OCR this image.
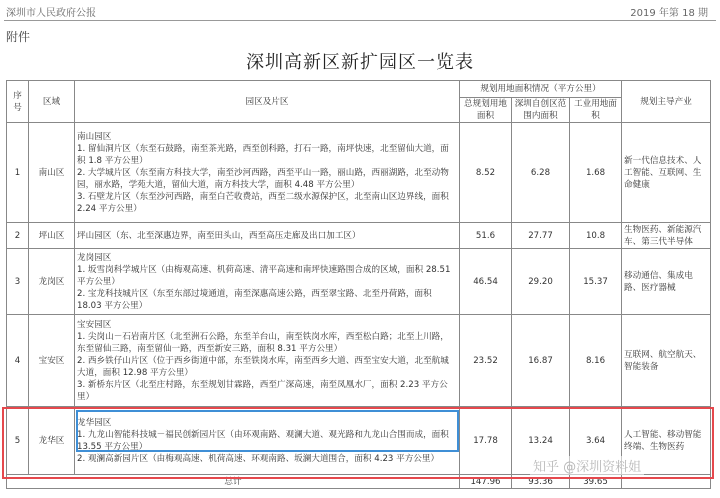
深圳市人民政府公报	2019 年第 18 期
附件
深圳高新区新扩园区一览表
序号	区域	园区及片区	规划用地面积情况（平方公里）			规划主导产业
			总规划用地面积	深圳自创区范围内面积	工业用地面积	
1	南山区	南山园区
1. 留仙洞片区（东至石鼓路，南至茶光路，西至创科路，打石一路，南坪快速，北至留仙大道，面积 1.8 平方公里）
2. 大学城片区（东至南方科技大学，南至沙河西路，西至平山一路，丽山路，西丽湖路，北至动物园，丽水路，学苑大道，留仙大道，南方科技大学，面积 4.48 平方公里）
3. 石壁龙片区（东至沙河西路，南至白芒收费站，西至二级水源保护区，北至南山区边界线，面积 2.24 平方公里）	8.52	6.28	1.68	新一代信息技术、人工智能、互联网、生命健康
2	坪山区	坪山园区（东、北至深惠边界，南至田头山，西至高压走廊及出口加工区）	51.6	27.77	10.8	生物医药、新能源汽车、第三代半导体
3	龙岗区	龙岗园区
1. 坂雪岗科学城片区（由梅观高速、机荷高速、清平高速和南坪快速路围合成的区域，面积 28.51 平方公里）
2. 宝龙科技城片区（东至东部过境通道，南至深惠高速公路，西至翠宝路、北至丹荷路，面积 18.03 平方公里）	46.54	29.20	15.37	移动通信、集成电路、医疗器械
4	宝安区	宝安园区
1. 尖岗山－石岩南片区（北至洲石公路，东至羊台山，南至铁岗水库，西至松白路；北至上川路，东至留仙三路，南至留仙一路，西至新安三路，面积 8.31 平方公里）
2. 西乡铁仔山片区（位于西乡街道中部，东至铁岗水库，南至西乡大道、西至宝安大道，北至航城大道，面积 12.98 平方公里）
3. 新桥东片区（北至庄村路，东至规划甘霖路，西至广深高速，南至凤凰水厂，面积 2.23 平方公里）	23.52	16.87	8.16	互联网、航空航天、智能装备
5	龙华区	龙华园区
1. 九龙山智能科技城－福民创新园片区（由环观南路、观澜大道、观光路和九龙山合围而成，面积 13.55 平方公里）
2. 观澜高新园片区（由梅观高速、机荷高速、环观南路、坂澜大道围合，面积 4.23 平方公里）	17.78	13.24	3.64	人工智能、移动智能终端、生物医药
总计			147.96	93.36	39.65	
知乎 @深圳资料姐
